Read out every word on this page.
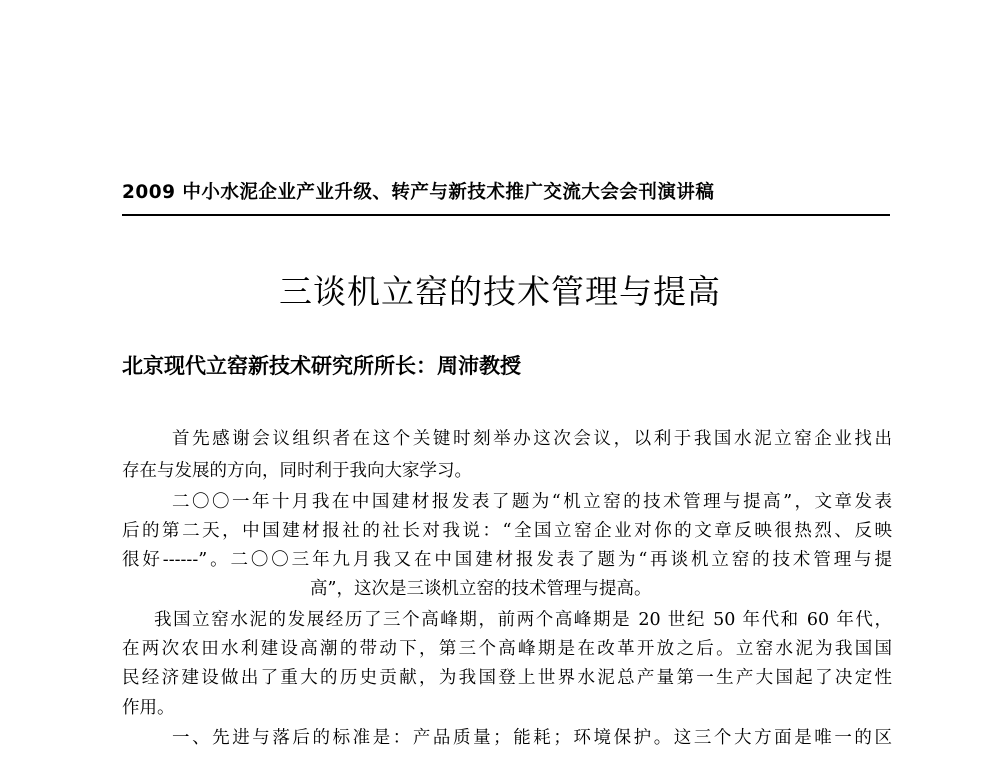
2009 中小水泥企业产业升级、转产与新技术推广交流大会会刊演讲稿
三谈机立窑的技术管理与提高
北京现代立窑新技术研究所所长：周沛教授
首先感谢会议组织者在这个关键时刻举办这次会议，以利于我国水泥立窑企业找出
存在与发展的方向，同时利于我向大家学习。
二〇〇一年十月我在中国建材报发表了题为“机立窑的技术管理与提高”，文章发表
后的第二天，中国建材报社的社长对我说：“全国立窑企业对你的文章反映很热烈、反映
很好------”。二〇〇三年九月我又在中国建材报发表了题为“再谈机立窑的技术管理与提
高”，这次是三谈机立窑的技术管理与提高。
我国立窑水泥的发展经历了三个高峰期，前两个高峰期是 20 世纪 50 年代和 60 年代，
在两次农田水利建设高潮的带动下，第三个高峰期是在改革开放之后。立窑水泥为我国国
民经济建设做出了重大的历史贡献，为我国登上世界水泥总产量第一生产大国起了决定性
作用。
一、先进与落后的标准是：产品质量；能耗；环境保护。这三个大方面是唯一的区
